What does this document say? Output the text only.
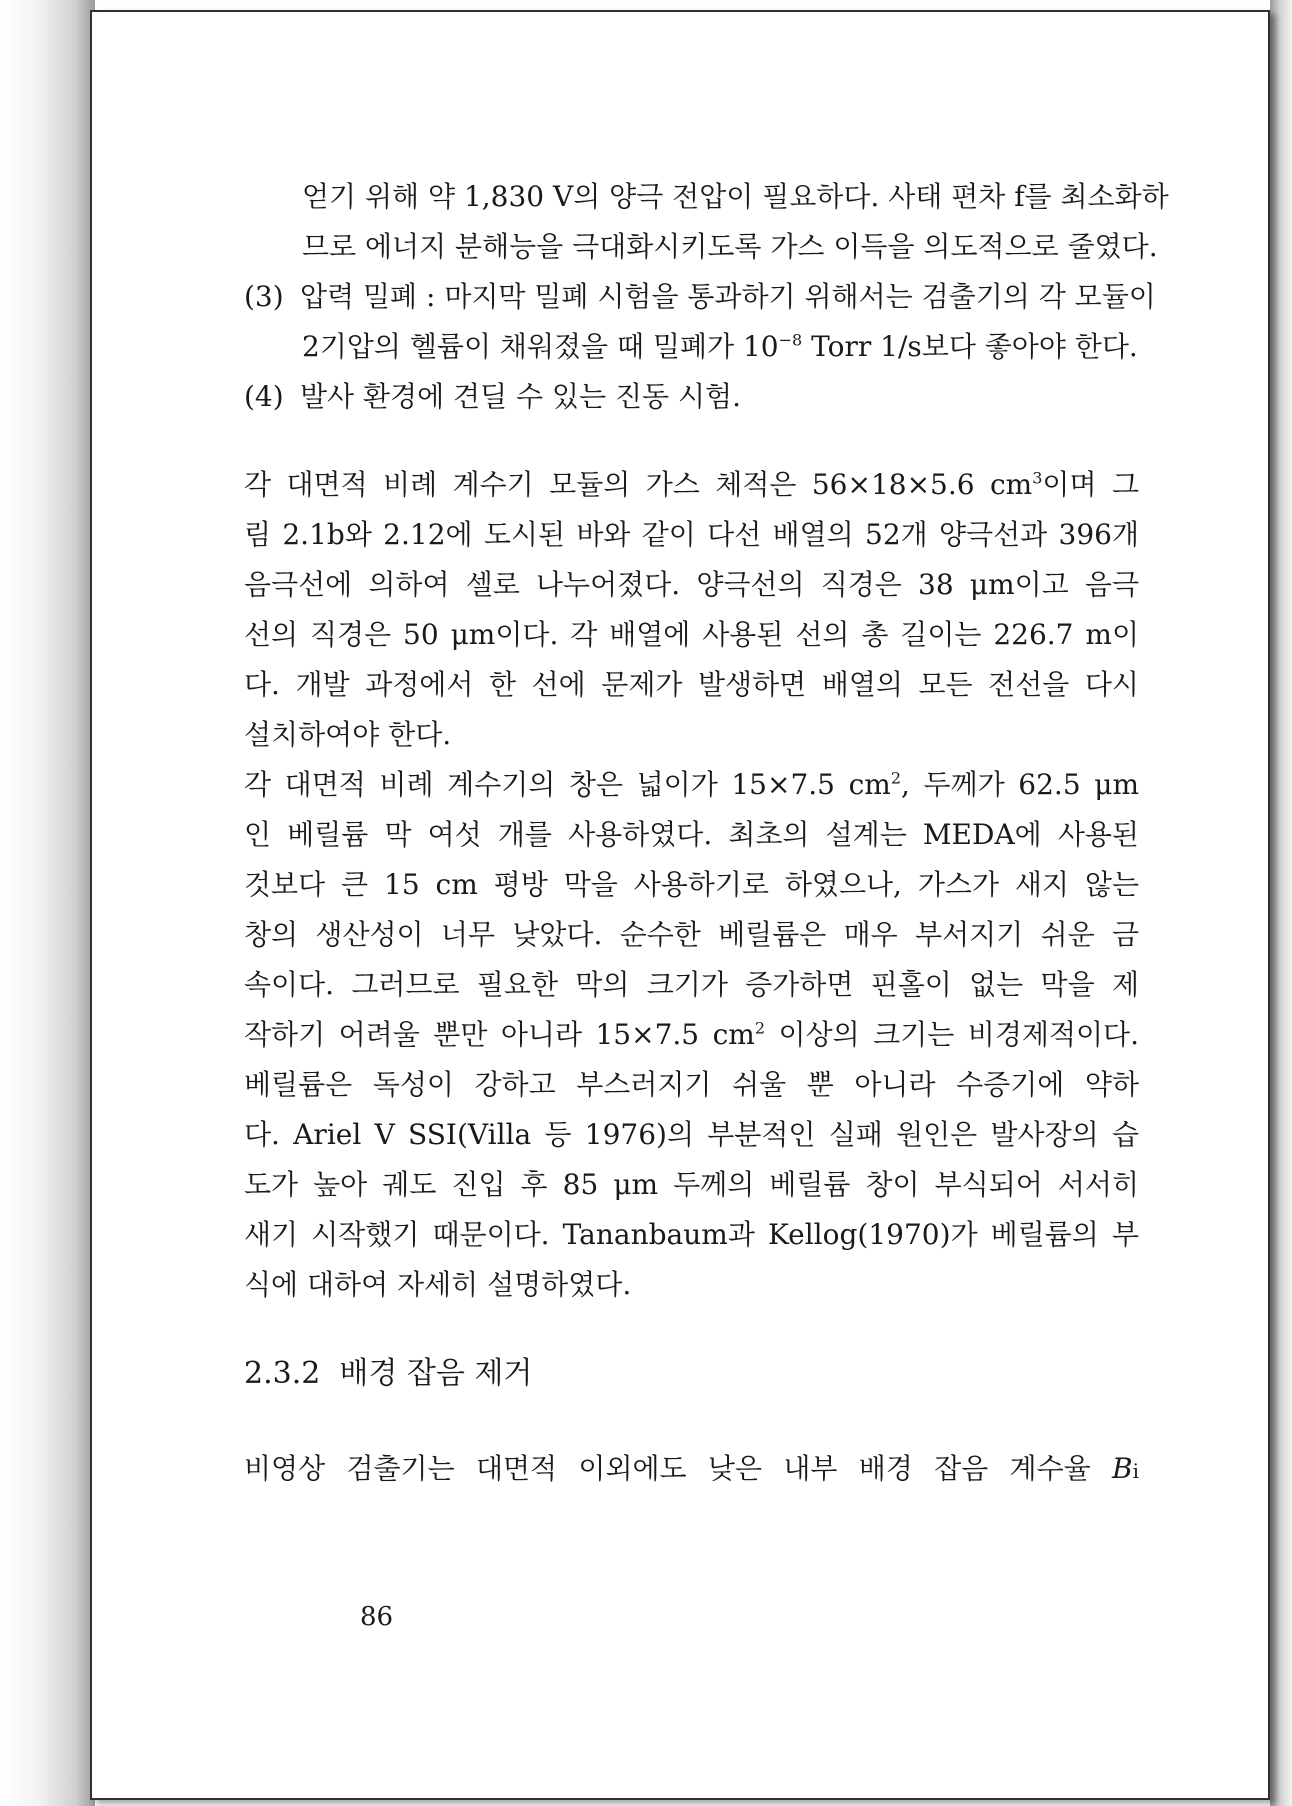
얻기 위해 약 1,830 V의 양극 전압이 필요하다. 사태 편차 f를 최소화하
므로 에너지 분해능을 극대화시키도록 가스 이득을 의도적으로 줄였다.
(3) 압력 밀폐 : 마지막 밀폐 시험을 통과하기 위해서는 검출기의 각 모듈이
2기압의 헬륨이 채워졌을 때 밀폐가 $10^{-8}$ Torr 1/s보다 좋아야 한다.
(4) 발사 환경에 견딜 수 있는 진동 시험.
각 대면적 비례 계수기 모듈의 가스 체적은 56×18×5.6 $cm^3$이며 그
림 2.1b와 2.12에 도시된 바와 같이 다선 배열의 52개 양극선과 396개
음극선에 의하여 셀로 나누어졌다. 양극선의 직경은 38 μm이고 음극
선의 직경은 50 μm이다. 각 배열에 사용된 선의 총 길이는 226.7 m이
다. 개발 과정에서 한 선에 문제가 발생하면 배열의 모든 전선을 다시
설치하여야 한다.
각 대면적 비례 계수기의 창은 넓이가 15×7.5 $cm^2$, 두께가 62.5 μm
인 베릴륨 막 여섯 개를 사용하였다. 최초의 설계는 MEDA에 사용된
것보다 큰 15 cm 평방 막을 사용하기로 하였으나, 가스가 새지 않는
창의 생산성이 너무 낮았다. 순수한 베릴륨은 매우 부서지기 쉬운 금
속이다. 그러므로 필요한 막의 크기가 증가하면 핀홀이 없는 막을 제
작하기 어려울 뿐만 아니라 15×7.5 $cm^2$ 이상의 크기는 비경제적이다.
베릴륨은 독성이 강하고 부스러지기 쉬울 뿐 아니라 수증기에 약하
다. Ariel V SSI(Villa 등 1976)의 부분적인 실패 원인은 발사장의 습
도가 높아 궤도 진입 후 85 μm 두께의 베릴륨 창이 부식되어 서서히
새기 시작했기 때문이다. Tananbaum과 Kellog(1970)가 베릴륨의 부
식에 대하여 자세히 설명하였다.
2.3.2 배경 잡음 제거
비영상 검출기는 대면적 이외에도 낮은 내부 배경 잡음 계수율 Bi
86
